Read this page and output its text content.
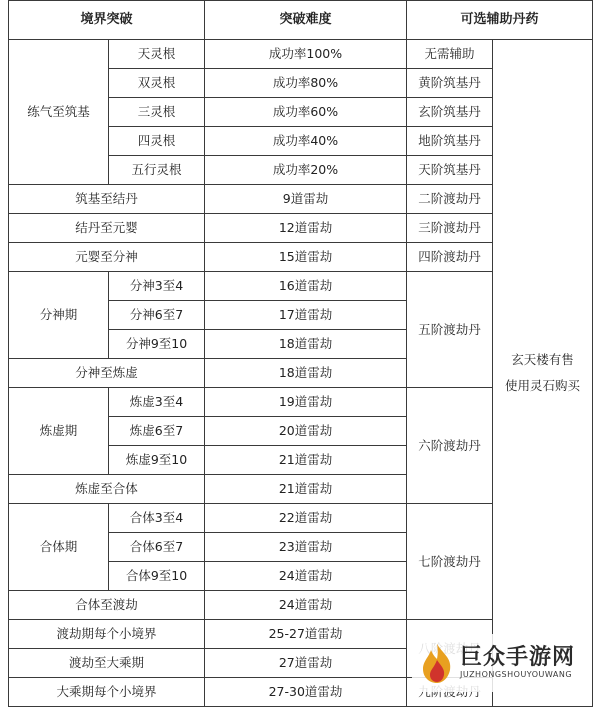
境界突破		突破难度	可选辅助丹药	
练气至筑基	天灵根	成功率100%	无需辅助	玄天楼有售
使用灵石购买

	双灵根	成功率80%	黄阶筑基丹	
	三灵根	成功率60%	玄阶筑基丹	
	四灵根	成功率40%	地阶筑基丹	
	五行灵根	成功率20%	天阶筑基丹	
筑基至结丹		9道雷劫	二阶渡劫丹	
结丹至元婴		12道雷劫	三阶渡劫丹	
元婴至分神		15道雷劫	四阶渡劫丹	
分神期	分神3至4	16道雷劫	五阶渡劫丹	
	分神6至7	17道雷劫		
	分神9至10	18道雷劫		
分神至炼虚		18道雷劫		
炼虚期	炼虚3至4	19道雷劫	六阶渡劫丹	
	炼虚6至7	20道雷劫		
	炼虚9至10	21道雷劫		
炼虚至合体		21道雷劫		
合体期	合体3至4	22道雷劫	七阶渡劫丹	
	合体6至7	23道雷劫		
	合体9至10	24道雷劫		
合体至渡劫		24道雷劫		
渡劫期每个小境界		25-27道雷劫	
渡劫至大乘期		27道雷劫		
大乘期每个小境界		27-30道雷劫	
巨众手游网
JUZHONGSHOUYOUWANG
